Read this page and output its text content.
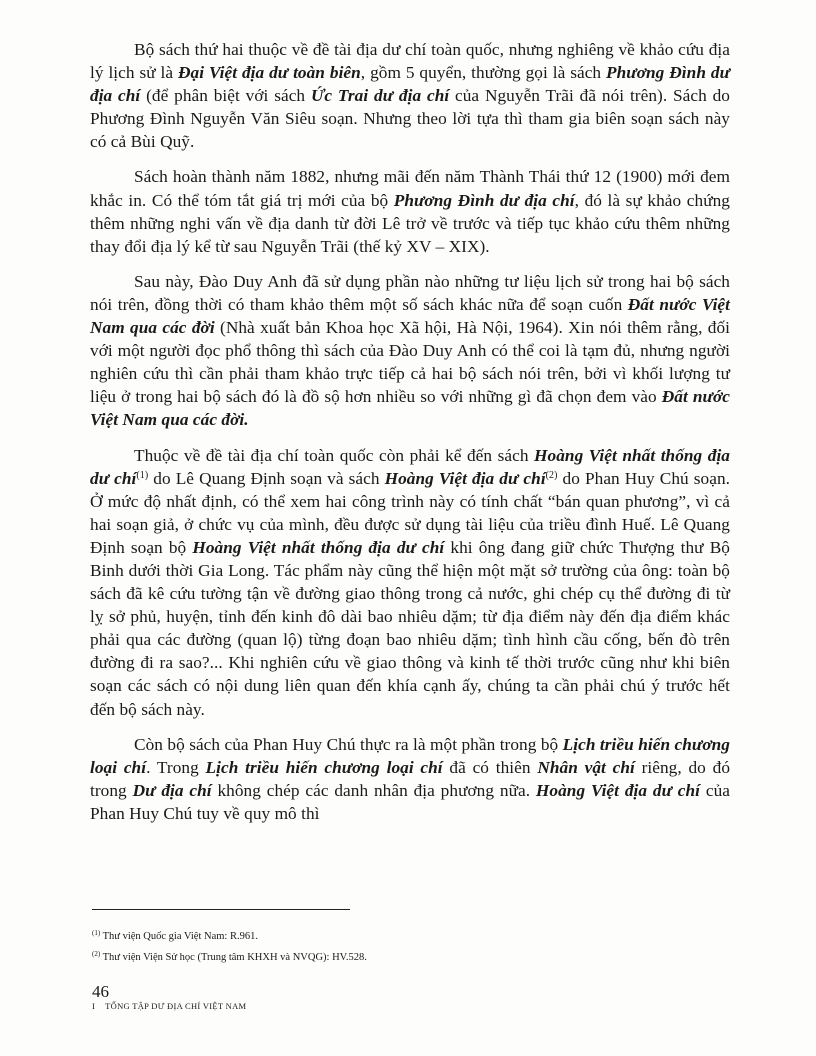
Bộ sách thứ hai thuộc về đề tài địa dư chí toàn quốc, nhưng nghiêng về khảo cứu địa lý lịch sử là Đại Việt địa dư toàn biên, gồm 5 quyển, thường gọi là sách Phương Đình dư địa chí (để phân biệt với sách Ức Trai dư địa chí của Nguyễn Trãi đã nói trên). Sách do Phương Đình Nguyễn Văn Siêu soạn. Nhưng theo lời tựa thì tham gia biên soạn sách này có cả Bùi Quỹ.

Sách hoàn thành năm 1882, nhưng mãi đến năm Thành Thái thứ 12 (1900) mới đem khắc in. Có thể tóm tắt giá trị mới của bộ Phương Đình dư địa chí, đó là sự khảo chứng thêm những nghi vấn về địa danh từ đời Lê trở về trước và tiếp tục khảo cứu thêm những thay đổi địa lý kể từ sau Nguyễn Trãi (thế kỷ XV – XIX).

Sau này, Đào Duy Anh đã sử dụng phần nào những tư liệu lịch sử trong hai bộ sách nói trên, đồng thời có tham khảo thêm một số sách khác nữa để soạn cuốn Đất nước Việt Nam qua các đời (Nhà xuất bản Khoa học Xã hội, Hà Nội, 1964). Xin nói thêm rằng, đối với một người đọc phổ thông thì sách của Đào Duy Anh có thể coi là tạm đủ, nhưng người nghiên cứu thì cần phải tham khảo trực tiếp cả hai bộ sách nói trên, bởi vì khối lượng tư liệu ở trong hai bộ sách đó là đồ sộ hơn nhiều so với những gì đã chọn đem vào Đất nước Việt Nam qua các đời.

Thuộc về đề tài địa chí toàn quốc còn phải kể đến sách Hoàng Việt nhất thống địa dư chí$^{(1)}$ do Lê Quang Định soạn và sách Hoàng Việt địa dư chí$^{(2)}$ do Phan Huy Chú soạn. Ở mức độ nhất định, có thể xem hai công trình này có tính chất “bán quan phương”, vì cả hai soạn giả, ở chức vụ của mình, đều được sử dụng tài liệu của triều đình Huế. Lê Quang Định soạn bộ Hoàng Việt nhất thống địa dư chí khi ông đang giữ chức Thượng thư Bộ Binh dưới thời Gia Long. Tác phẩm này cũng thể hiện một mặt sở trường của ông: toàn bộ sách đã kê cứu tường tận về đường giao thông trong cả nước, ghi chép cụ thể đường đi từ lỵ sở phủ, huyện, tỉnh đến kinh đô dài bao nhiêu dặm; từ địa điểm này đến địa điểm khác phải qua các đường (quan lộ) từng đoạn bao nhiêu dặm; tình hình cầu cống, bến đò trên đường đi ra sao?... Khi nghiên cứu về giao thông và kinh tế thời trước cũng như khi biên soạn các sách có nội dung liên quan đến khía cạnh ấy, chúng ta cần phải chú ý trước hết đến bộ sách này.

Còn bộ sách của Phan Huy Chú thực ra là một phần trong bộ Lịch triều hiến chương loại chí. Trong Lịch triều hiến chương loại chí đã có thiên Nhân vật chí riêng, do đó trong Dư địa chí không chép các danh nhân địa phương nữa. Hoàng Việt địa dư chí của Phan Huy Chú tuy về quy mô thì

$^{(1)}$ Thư viện Quốc gia Việt Nam: R.961.

$^{(2)}$ Thư viện Viện Sử học (Trung tâm KHXH và NVQG): HV.528.

46
I TỔNG TẬP DƯ ĐỊA CHÍ VIỆT NAM
